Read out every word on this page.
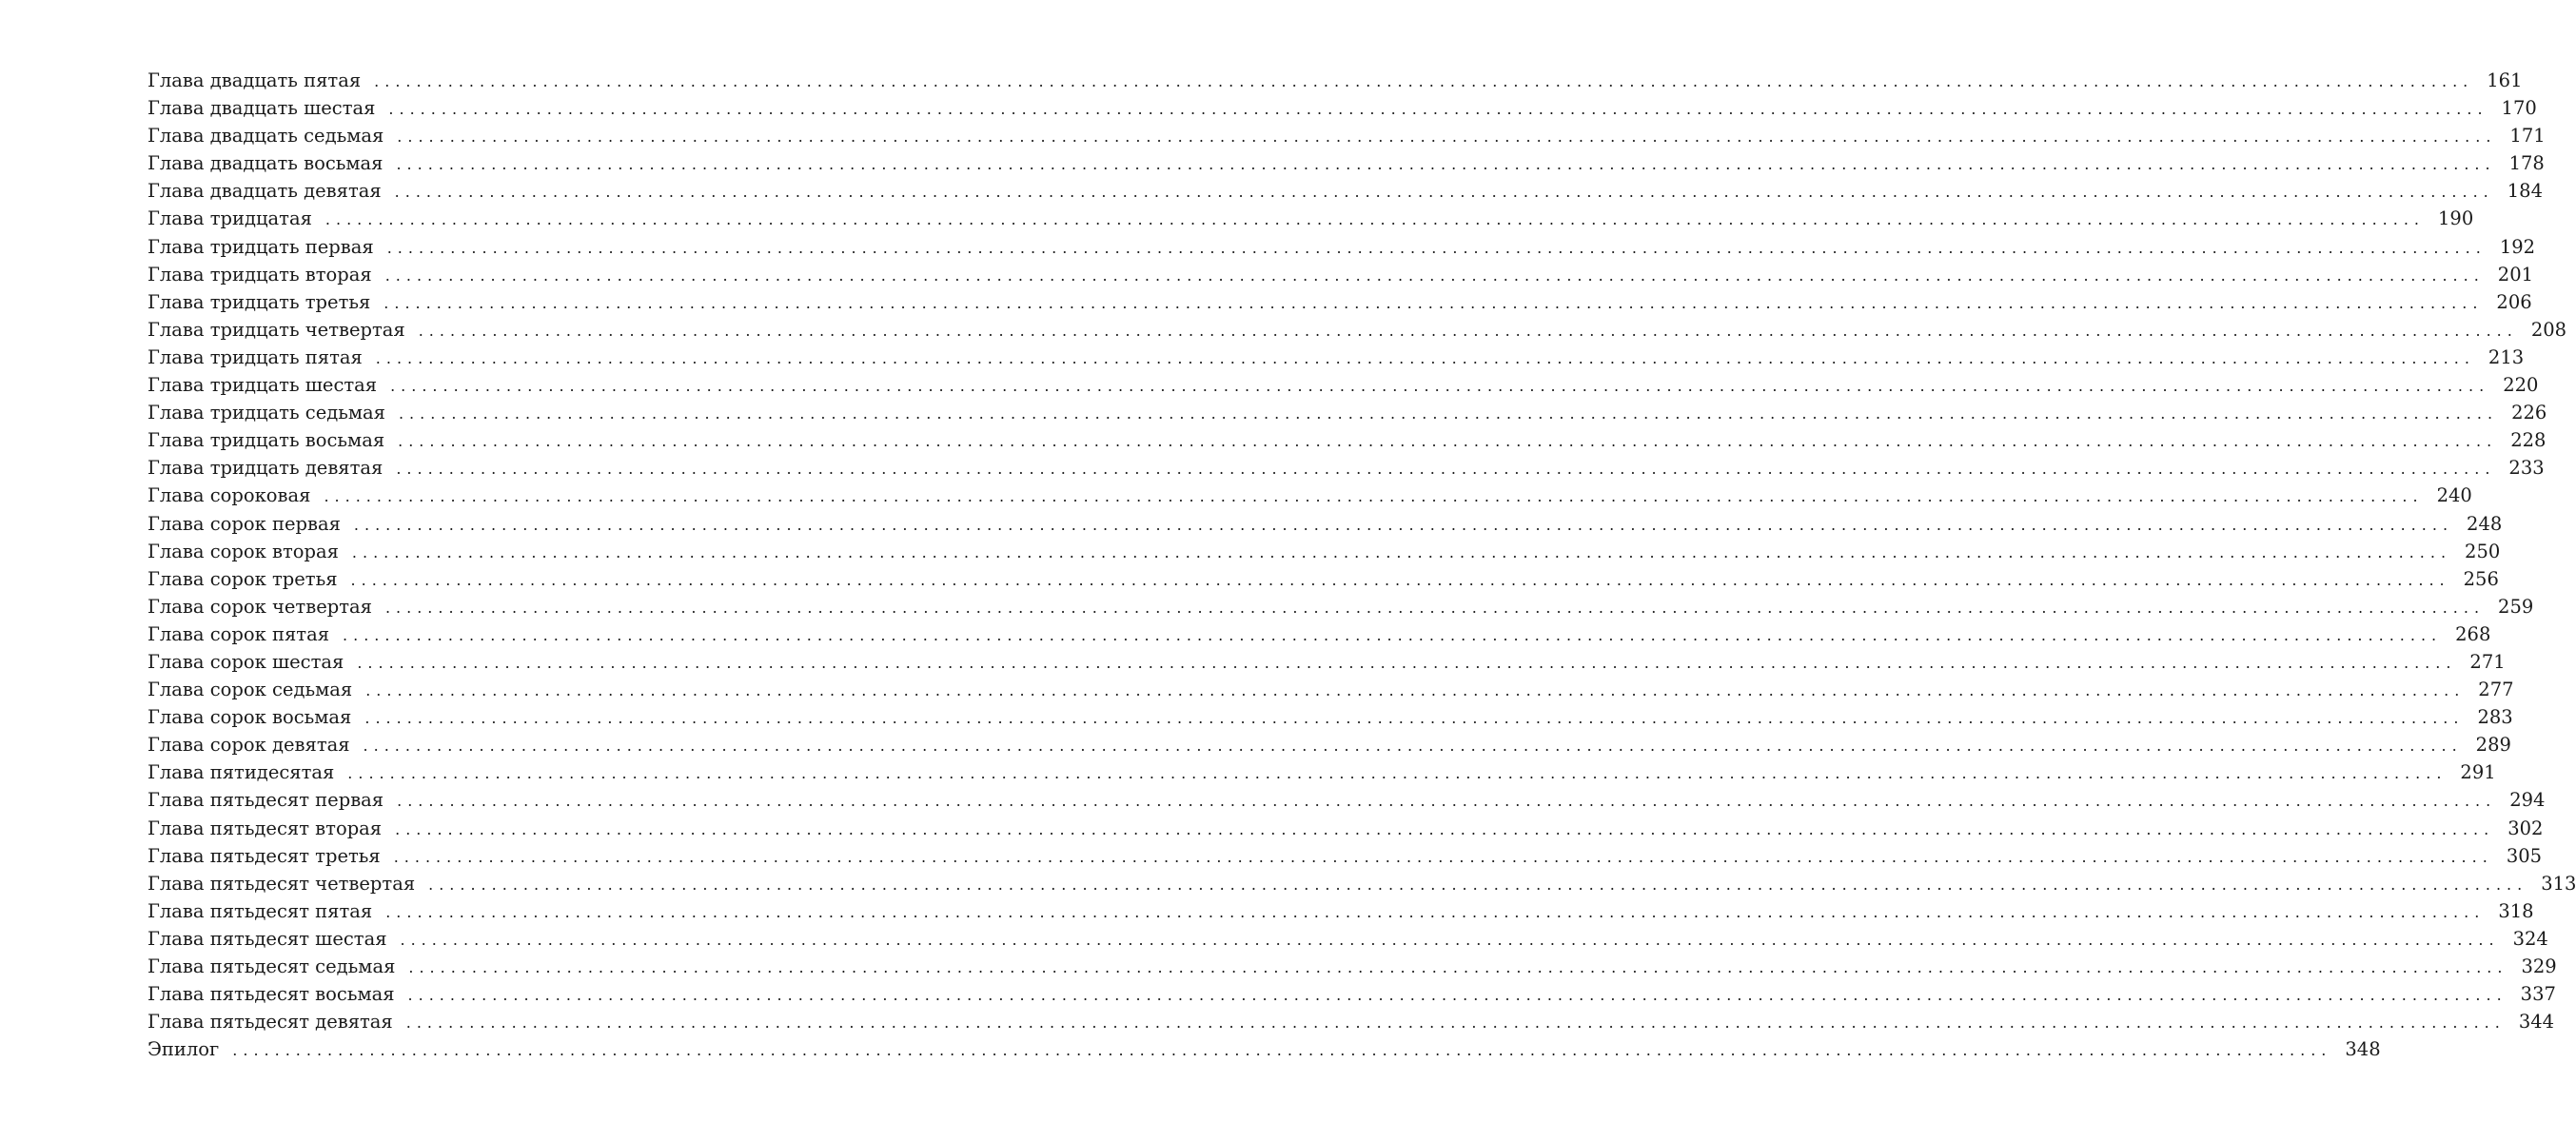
Глава двадцать пятая ....................................................................................................................................................................................................... 161
Глава двадцать шестая ....................................................................................................................................................................................................... 170
Глава двадцать седьмая ....................................................................................................................................................................................................... 171
Глава двадцать восьмая ....................................................................................................................................................................................................... 178
Глава двадцать девятая ....................................................................................................................................................................................................... 184
Глава тридцатая ....................................................................................................................................................................................................... 190
Глава тридцать первая ....................................................................................................................................................................................................... 192
Глава тридцать вторая ....................................................................................................................................................................................................... 201
Глава тридцать третья ....................................................................................................................................................................................................... 206
Глава тридцать четвертая ....................................................................................................................................................................................................... 208
Глава тридцать пятая ....................................................................................................................................................................................................... 213
Глава тридцать шестая ....................................................................................................................................................................................................... 220
Глава тридцать седьмая ....................................................................................................................................................................................................... 226
Глава тридцать восьмая ....................................................................................................................................................................................................... 228
Глава тридцать девятая ....................................................................................................................................................................................................... 233
Глава сороковая ....................................................................................................................................................................................................... 240
Глава сорок первая ....................................................................................................................................................................................................... 248
Глава сорок вторая ....................................................................................................................................................................................................... 250
Глава сорок третья ....................................................................................................................................................................................................... 256
Глава сорок четвертая ....................................................................................................................................................................................................... 259
Глава сорок пятая ....................................................................................................................................................................................................... 268
Глава сорок шестая ....................................................................................................................................................................................................... 271
Глава сорок седьмая ....................................................................................................................................................................................................... 277
Глава сорок восьмая ....................................................................................................................................................................................................... 283
Глава сорок девятая ....................................................................................................................................................................................................... 289
Глава пятидесятая ....................................................................................................................................................................................................... 291
Глава пятьдесят первая ....................................................................................................................................................................................................... 294
Глава пятьдесят вторая ....................................................................................................................................................................................................... 302
Глава пятьдесят третья ....................................................................................................................................................................................................... 305
Глава пятьдесят четвертая ....................................................................................................................................................................................................... 313
Глава пятьдесят пятая ....................................................................................................................................................................................................... 318
Глава пятьдесят шестая ....................................................................................................................................................................................................... 324
Глава пятьдесят седьмая ....................................................................................................................................................................................................... 329
Глава пятьдесят восьмая ....................................................................................................................................................................................................... 337
Глава пятьдесят девятая ....................................................................................................................................................................................................... 344
Эпилог ....................................................................................................................................................................................................... 348
